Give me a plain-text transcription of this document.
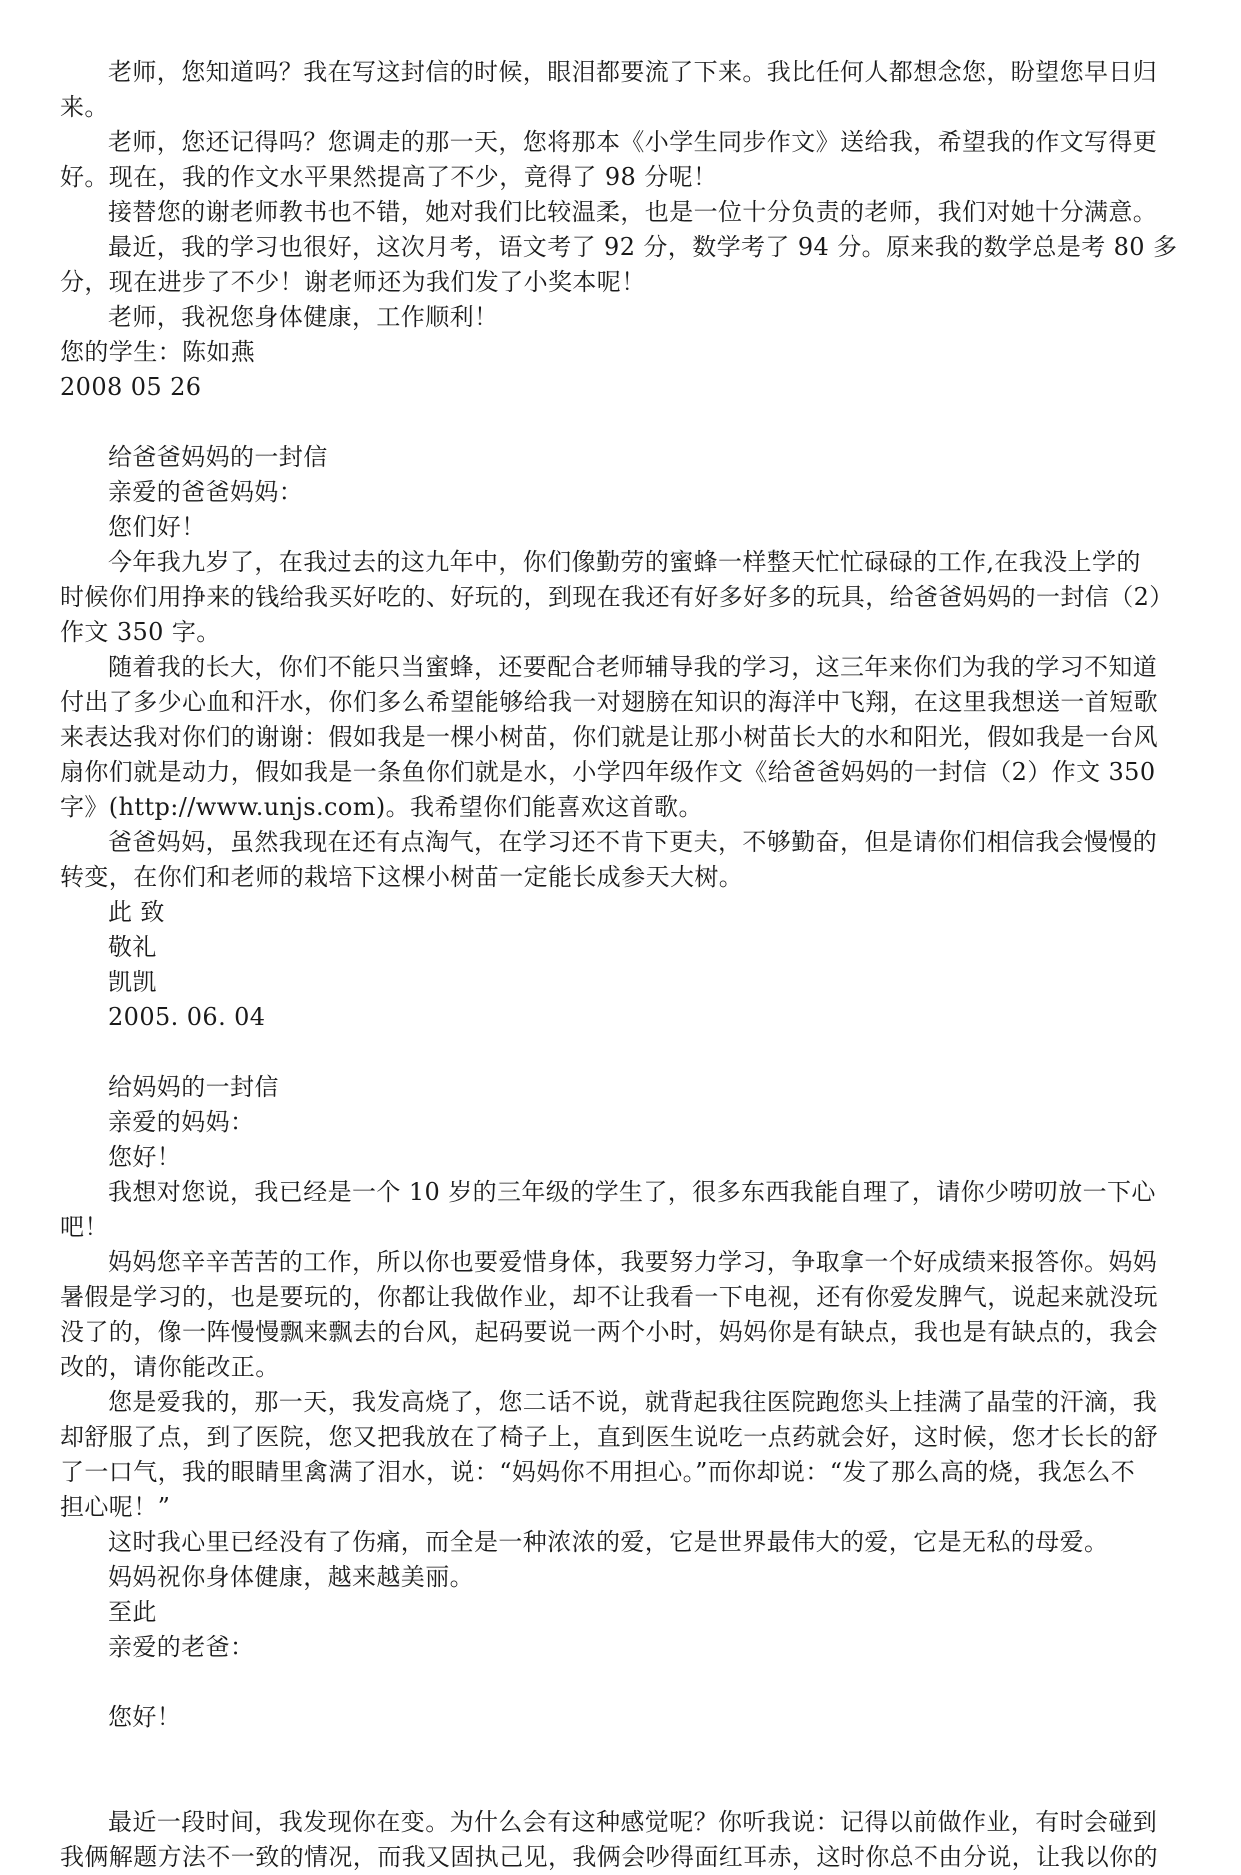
老师，您知道吗？我在写这封信的时候，眼泪都要流了下来。我比任何人都想念您，盼望您早日归
来。
老师，您还记得吗？您调走的那一天，您将那本《小学生同步作文》送给我，希望我的作文写得更
好。现在，我的作文水平果然提高了不少，竟得了 98 分呢！
接替您的谢老师教书也不错，她对我们比较温柔，也是一位十分负责的老师，我们对她十分满意。
最近，我的学习也很好，这次月考，语文考了 92 分，数学考了 94 分。原来我的数学总是考 80 多
分，现在进步了不少！谢老师还为我们发了小奖本呢！
老师，我祝您身体健康，工作顺利！
您的学生：陈如燕
2008 05 26
给爸爸妈妈的一封信
亲爱的爸爸妈妈：
您们好！
今年我九岁了，在我过去的这九年中，你们像勤劳的蜜蜂一样整天忙忙碌碌的工作,在我没上学的
时候你们用挣来的钱给我买好吃的、好玩的，到现在我还有好多好多的玩具，给爸爸妈妈的一封信（2）
作文 350 字。
随着我的长大，你们不能只当蜜蜂，还要配合老师辅导我的学习，这三年来你们为我的学习不知道
付出了多少心血和汗水，你们多么希望能够给我一对翅膀在知识的海洋中飞翔，在这里我想送一首短歌
来表达我对你们的谢谢：假如我是一棵小树苗，你们就是让那小树苗长大的水和阳光，假如我是一台风
扇你们就是动力，假如我是一条鱼你们就是水，小学四年级作文《给爸爸妈妈的一封信（2）作文 350
字》(http://www.unjs.com)。我希望你们能喜欢这首歌。
爸爸妈妈，虽然我现在还有点淘气，在学习还不肯下更夫，不够勤奋，但是请你们相信我会慢慢的
转变，在你们和老师的栽培下这棵小树苗一定能长成参天大树。
此 致
敬礼
凯凯
2005. 06. 04
给妈妈的一封信
亲爱的妈妈：
您好！
我想对您说，我已经是一个 10 岁的三年级的学生了，很多东西我能自理了，请你少唠叨放一下心
吧！
妈妈您辛辛苦苦的工作，所以你也要爱惜身体，我要努力学习，争取拿一个好成绩来报答你。妈妈
暑假是学习的，也是要玩的，你都让我做作业，却不让我看一下电视，还有你爱发脾气，说起来就没玩
没了的，像一阵慢慢飘来飘去的台风，起码要说一两个小时，妈妈你是有缺点，我也是有缺点的，我会
改的，请你能改正。
您是爱我的，那一天，我发高烧了，您二话不说，就背起我往医院跑您头上挂满了晶莹的汗滴，我
却舒服了点，到了医院，您又把我放在了椅子上，直到医生说吃一点药就会好，这时候，您才长长的舒
了一口气，我的眼睛里禽满了泪水，说：“妈妈你不用担心。”而你却说：“发了那么高的烧，我怎么不
担心呢！”
这时我心里已经没有了伤痛，而全是一种浓浓的爱，它是世界最伟大的爱，它是无私的母爱。
妈妈祝你身体健康，越来越美丽。
至此
亲爱的老爸：
您好！
最近一段时间，我发现你在变。为什么会有这种感觉呢？你听我说：记得以前做作业，有时会碰到
我俩解题方法不一致的情况，而我又固执己见，我俩会吵得面红耳赤，这时你总不由分说，让我以你的
